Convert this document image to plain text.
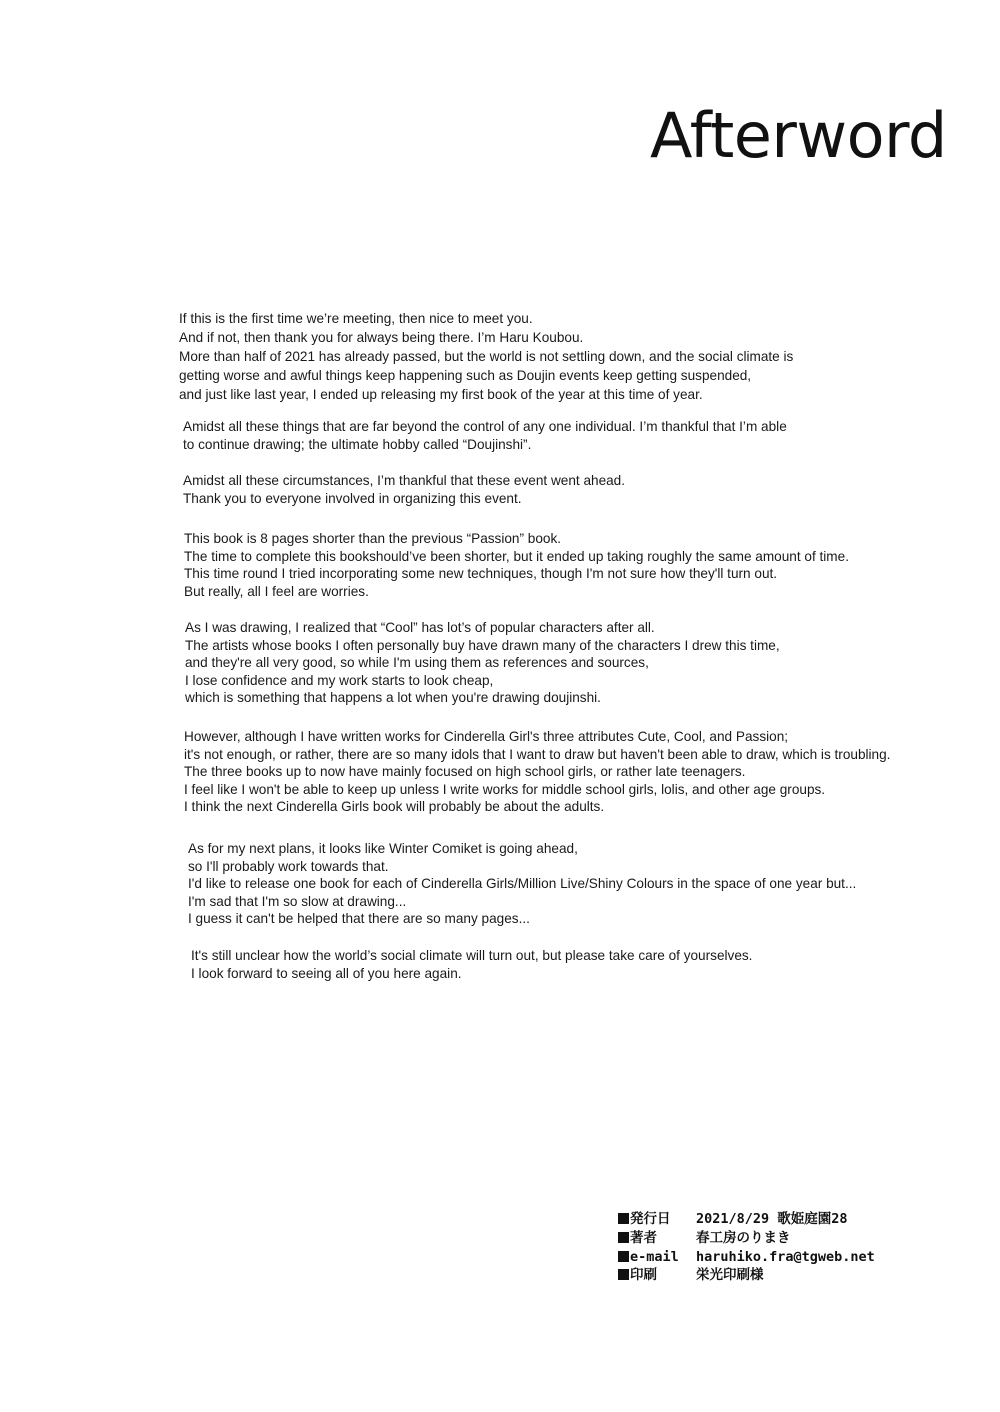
Afterword
If this is the first time we’re meeting, then nice to meet you.
And if not, then thank you for always being there. I’m Haru Koubou.
More than half of 2021 has already passed, but the world is not settling down, and the social climate is
getting worse and awful things keep happening such as Doujin events keep getting suspended,
and just like last year, I ended up releasing my first book of the year at this time of year.
Amidst all these things that are far beyond the control of any one individual. I’m thankful that I’m able
to continue drawing; the ultimate hobby called “Doujinshi”.
Amidst all these circumstances, I’m thankful that these event went ahead.
Thank you to everyone involved in organizing this event.
This book is 8 pages shorter than the previous “Passion” book.
The time to complete this bookshould’ve been shorter, but it ended up taking roughly the same amount of time.
This time round I tried incorporating some new techniques, though I'm not sure how they'll turn out.
But really, all I feel are worries.
As I was drawing, I realized that “Cool” has lot’s of popular characters after all.
The artists whose books I often personally buy have drawn many of the characters I drew this time,
and they're all very good, so while I'm using them as references and sources,
I lose confidence and my work starts to look cheap,
which is something that happens a lot when you're drawing doujinshi.
However, although I have written works for Cinderella Girl's three attributes Cute, Cool, and Passion;
it's not enough, or rather, there are so many idols that I want to draw but haven't been able to draw, which is troubling.
The three books up to now have mainly focused on high school girls, or rather late teenagers.
I feel like I won't be able to keep up unless I write works for middle school girls, lolis, and other age groups.
I think the next Cinderella Girls book will probably be about the adults.
As for my next plans, it looks like Winter Comiket is going ahead,
so I'll probably work towards that.
I'd like to release one book for each of Cinderella Girls/Million Live/Shiny Colours in the space of one year but...
I'm sad that I'm so slow at drawing...
I guess it can't be helped that there are so many pages...
It's still unclear how the world’s social climate will turn out, but please take care of yourselves.
I look forward to seeing all of you here again.
発行日	2021/8/29 歌姫庭園28
著者	春工房のりまき
e-mail	haruhiko.fra@tgweb.net
印刷	栄光印刷様
